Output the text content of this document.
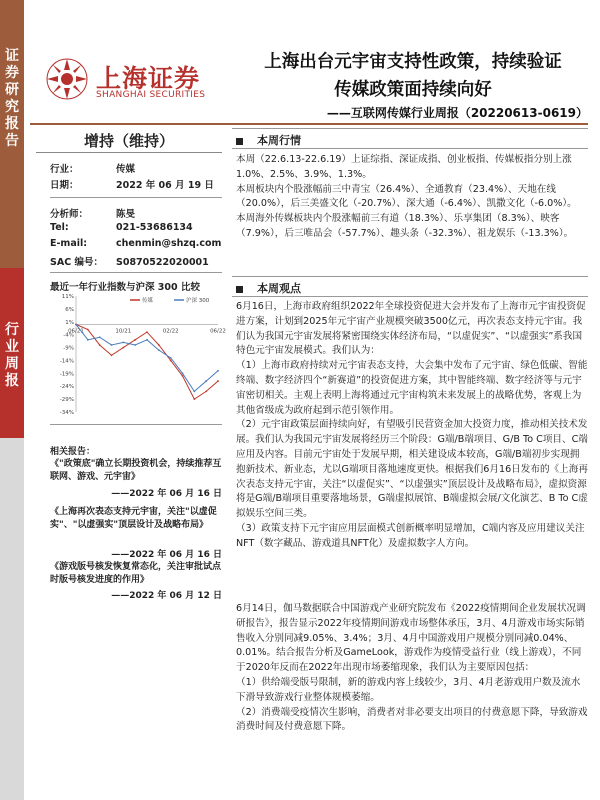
证券研究报告
行业周报
上海证券
SHANGHAI SECURITIES
上海出台元宇宙支持性政策，持续验证
传媒政策面持续向好
——互联网传媒行业周报（20220613-0619）
增持（维持）
行业：	传媒
日期：	2022 年 06 月 19 日
分析师：	陈旻
Tel:	021-53686134
E-mail:	chenmin@shzq.com
SAC 编号： S0870522020001
最近一年行业指数与沪深 300 比较
11%
6%
1%
-4%
-9%
-14%
-19%
-24%
-29%
-34%
06/21	10/21	02/22	06/22
传媒	沪深 300
相关报告：
《"政策底"确立长期投资机会，持续推荐互联网、游戏、元宇宙》
——2022 年 06 月 16 日
《上海再次表态支持元宇宙，关注"以虚促实"、"以虚强实"顶层设计及战略布局》
——2022 年 06 月 16 日
《游戏版号核发恢复常态化，关注审批试点时版号核发进度的作用》
——2022 年 06 月 12 日
本周行情

本周（22.6.13-22.6.19）上证综指、深证成指、创业板指、传媒板指分别上涨1.0%、2.5%、3.9%、1.3%。

本周板块内个股涨幅前三中青宝（26.4%）、全通教育（23.4%）、天地在线（20.0%），后三美盛文化（-20.7%）、深大通（-6.4%）、凯撒文化（-6.0%）。

本周海外传媒板块内个股涨幅前三有道（18.3%）、乐享集团（8.3%）、映客（7.9%），后三唯品会（-57.7%）、趣头条（-32.3%）、祖龙娱乐（-13.3%）。

本周观点

6月16日，上海市政府组织2022年全球投资促进大会并发布了上海市元宇宙投资促进方案，计划到2025年元宇宙产业规模突破3500亿元，再次表态支持元宇宙。我们认为我国元宇宙发展将紧密围绕实体经济布局，“以虚促实”、“以虚强实”系我国特色元宇宙发展模式。我们认为：

（1）上海市政府持续对元宇宙表态支持，大会集中发布了元宇宙、绿色低碳、智能终端、数字经济四个“新赛道”的投资促进方案，其中智能终端、数字经济等与元宇宙密切相关。主观上表明上海将通过元宇宙构筑未来发展上的战略优势，客观上为其他省级成为政府起到示范引领作用。

（2）元宇宙政策层面持续向好，有望吸引民营资金加大投资力度，推动相关技术发展。我们认为我国元宇宙发展将经历三个阶段：G端/B端项目、G/B To C项目、C端应用及内容。目前元宇宙处于发展早期，相关建设成本较高，G端/B端初步实现拥抱新技术、新业态，尤以G端项目落地速度更快。根据我们6月16日发布的《上海再次表态支持元宇宙，关注“以虚促实”、“以虚强实”顶层设计及战略布局》，虚拟资源将是G端/B端项目重要落地场景，G端虚拟展馆、B端虚拟会展/文化演艺、B To C虚拟娱乐空间三类。

（3）政策支持下元宇宙应用层面模式创新概率明显增加，C端内容及应用建议关注NFT（数字藏品、游戏道具NFT化）及虚拟数字人方向。

6月14日，伽马数据联合中国游戏产业研究院发布《2022疫情期间企业发展状况调研报告》，报告显示2022年疫情期间游戏市场整体承压，3月、4月游戏市场实际销售收入分别同减9.05%、3.4%；3月、4月中国游戏用户规模分别同减0.04%、0.01%。结合报告分析及GameLook，游戏作为疫情受益行业（线上游戏），不同于2020年反而在2022年出现市场萎缩现象，我们认为主要原因包括：

（1）供给端受版号限制，新的游戏内容上线较少，3月、4月老游戏用户数及流水下滑导致游戏行业整体规模萎缩。

（2）消费端受疫情次生影响，消费者对非必要支出项目的付费意愿下降，导致游戏消费时间及付费意愿下降。
